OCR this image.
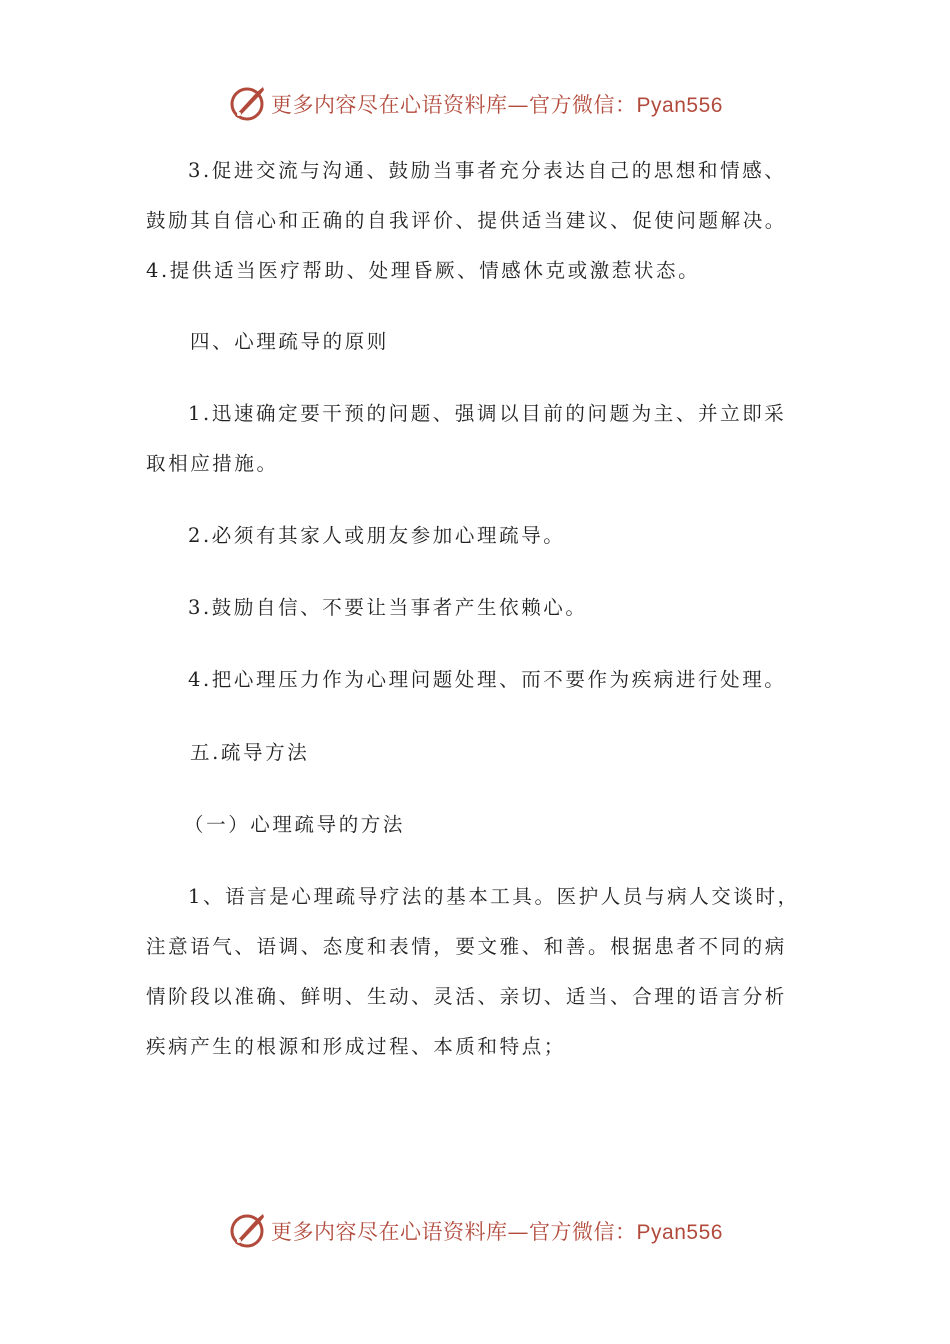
更多内容尽在心语资料库—官方微信：Pyan556
3.促进交流与沟通、鼓励当事者充分表达自己的思想和情感、
鼓励其自信心和正确的自我评价、提供适当建议、促使问题解决。
4.提供适当医疗帮助、处理昏厥、情感休克或激惹状态。
四、心理疏导的原则
1.迅速确定要干预的问题、强调以目前的问题为主、并立即采
取相应措施。
2.必须有其家人或朋友参加心理疏导。
3.鼓励自信、不要让当事者产生依赖心。
4.把心理压力作为心理问题处理、而不要作为疾病进行处理。
五.疏导方法
（一）心理疏导的方法
1、语言是心理疏导疗法的基本工具。医护人员与病人交谈时，
注意语气、语调、态度和表情，要文雅、和善。根据患者不同的病
情阶段以准确、鲜明、生动、灵活、亲切、适当、合理的语言分析
疾病产生的根源和形成过程、本质和特点；
更多内容尽在心语资料库—官方微信：Pyan556
